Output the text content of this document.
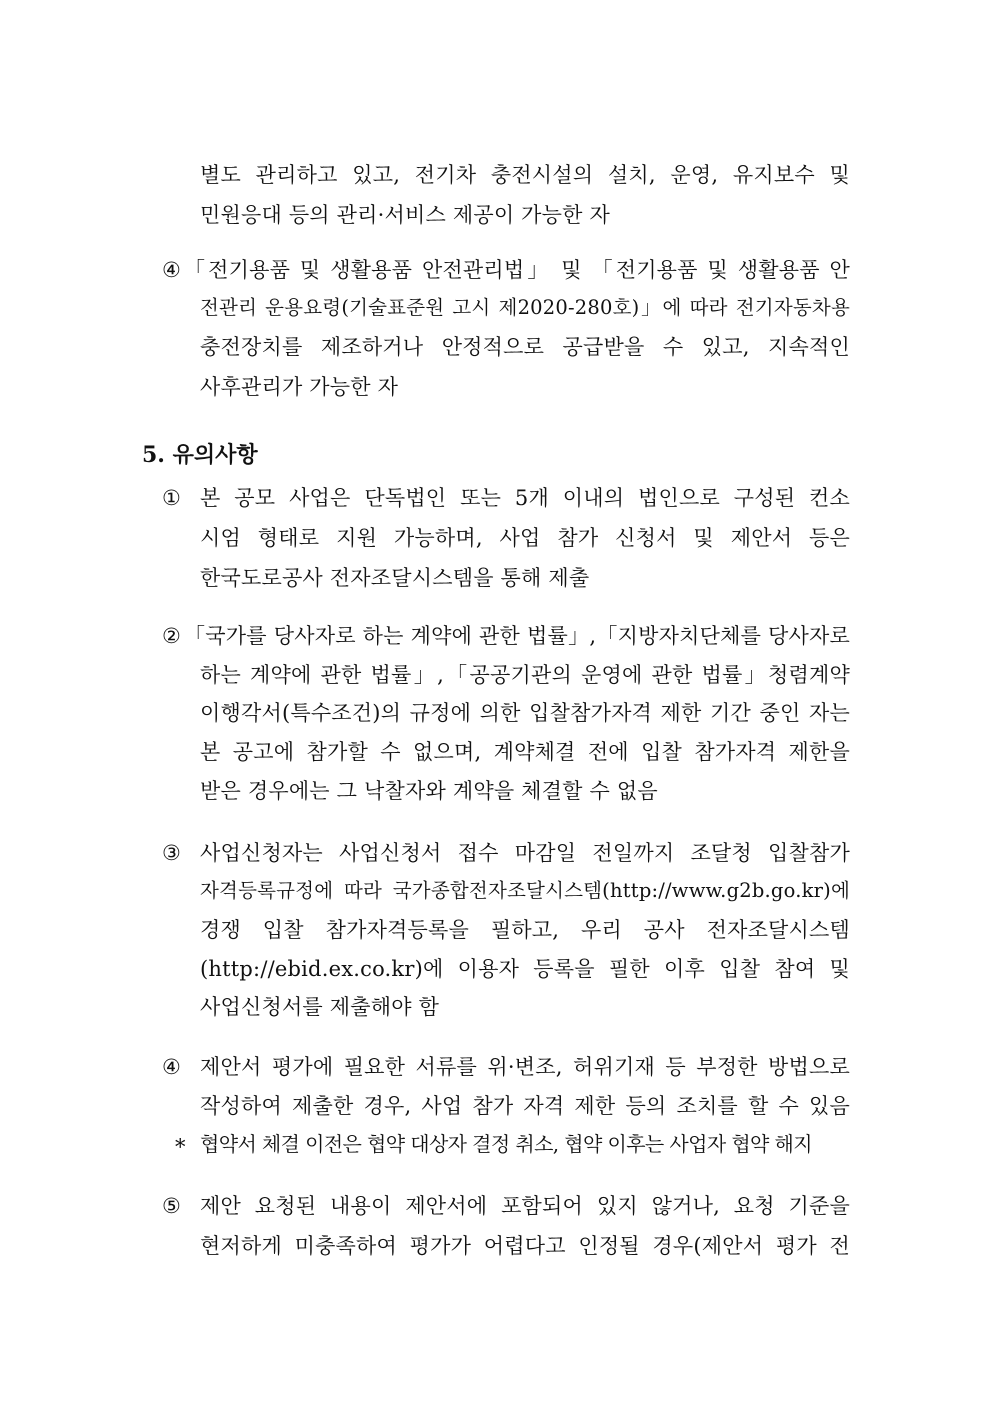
별도 관리하고 있고, 전기차 충전시설의 설치, 운영, 유지보수 및
민원응대 등의 관리·서비스 제공이 가능한 자
④ 「전기용품 및 생활용품 안전관리법」 및 「전기용품 및 생활용품 안
전관리 운용요령(기술표준원 고시 제2020-280호)」에 따라 전기자동차용
충전장치를 제조하거나 안정적으로 공급받을 수 있고, 지속적인
사후관리가 가능한 자
5. 유의사항
① 본 공모 사업은 단독법인 또는 5개 이내의 법인으로 구성된 컨소
시엄 형태로 지원 가능하며, 사업 참가 신청서 및 제안서 등은
한국도로공사 전자조달시스템을 통해 제출
② 「국가를 당사자로 하는 계약에 관한 법률」,「지방자치단체를 당사자로
하는 계약에 관한 법률」,「공공기관의 운영에 관한 법률」청렴계약
이행각서(특수조건)의 규정에 의한 입찰참가자격 제한 기간 중인 자는
본 공고에 참가할 수 없으며, 계약체결 전에 입찰 참가자격 제한을
받은 경우에는 그 낙찰자와 계약을 체결할 수 없음
③ 사업신청자는 사업신청서 접수 마감일 전일까지 조달청 입찰참가
자격등록규정에 따라 국가종합전자조달시스템(http://www.g2b.go.kr)에
경쟁 입찰 참가자격등록을 필하고, 우리 공사 전자조달시스템
(http://ebid.ex.co.kr)에 이용자 등록을 필한 이후 입찰 참여 및
사업신청서를 제출해야 함
④ 제안서 평가에 필요한 서류를 위·변조, 허위기재 등 부정한 방법으로
작성하여 제출한 경우, 사업 참가 자격 제한 등의 조치를 할 수 있음
* 협약서 체결 이전은 협약 대상자 결정 취소, 협약 이후는 사업자 협약 해지
⑤ 제안 요청된 내용이 제안서에 포함되어 있지 않거나, 요청 기준을
현저하게 미충족하여 평가가 어렵다고 인정될 경우(제안서 평가 전
